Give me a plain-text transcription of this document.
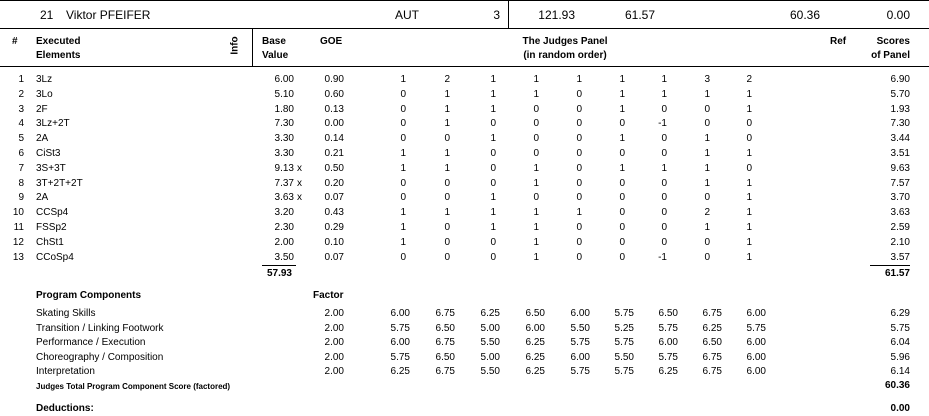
21 Viktor PFEIFER	AUT	3	121.93	61.57	60.36	0.00
# Executed
Elements
Info Base
Value
GOE	The Judges Panel
(in random order)
Ref	Scores
of Panel
1 3Lz	6.00	0.90	1	2	1	1	1	1	1	3	2	6.90
2 3Lo	5.10	0.60	0	1	1	1	0	1	1	1	1	5.70
3 2F	1.80	0.13	0	1	1	0	0	1	0	0	1	1.93
4 3Lz+2T	7.30	0.00	0	1	0	0	0	0	-1	0	0	7.30
5 2A	3.30	0.14	0	0	1	0	0	1	0	1	0	3.44
6 CiSt3	3.30	0.21	1	1	0	0	0	0	0	1	1	3.51
7 3S+3T	9.13 x	0.50	1	1	0	1	0	1	1	1	0	9.63
8 3T+2T+2T	7.37 x	0.20	0	0	0	1	0	0	0	1	1	7.57
9 2A	3.63 x	0.07	0	0	1	0	0	0	0	0	1	3.70
10 CCSp4	3.20	0.43	1	1	1	1	1	0	0	2	1	3.63
11 FSSp2	2.30	0.29	1	0	1	1	0	0	0	1	1	2.59
12 ChSt1	2.00	0.10	1	0	0	1	0	0	0	0	1	2.10
13 CCoSp4	3.50	0.07	0	0	0	1	0	0	-1	0	1	3.57
57.93	61.57
Program Components	Factor
Skating Skills	2.00	6.00	6.75	6.25	6.50	6.00	5.75	6.50	6.75	6.00	6.29
Transition / Linking Footwork	2.00	5.75	6.50	5.00	6.00	5.50	5.25	5.75	6.25	5.75	5.75
Performance / Execution	2.00	6.00	6.75	5.50	6.25	5.75	5.75	6.00	6.50	6.00	6.04
Choreography / Composition	2.00	5.75	6.50	5.00	6.25	6.00	5.50	5.75	6.75	6.00	5.96
Interpretation	2.00	6.25	6.75	5.50	6.25	5.75	5.75	6.25	6.75	6.00	6.14
Judges Total Program Component Score (factored)	60.36
Deductions:	0.00
